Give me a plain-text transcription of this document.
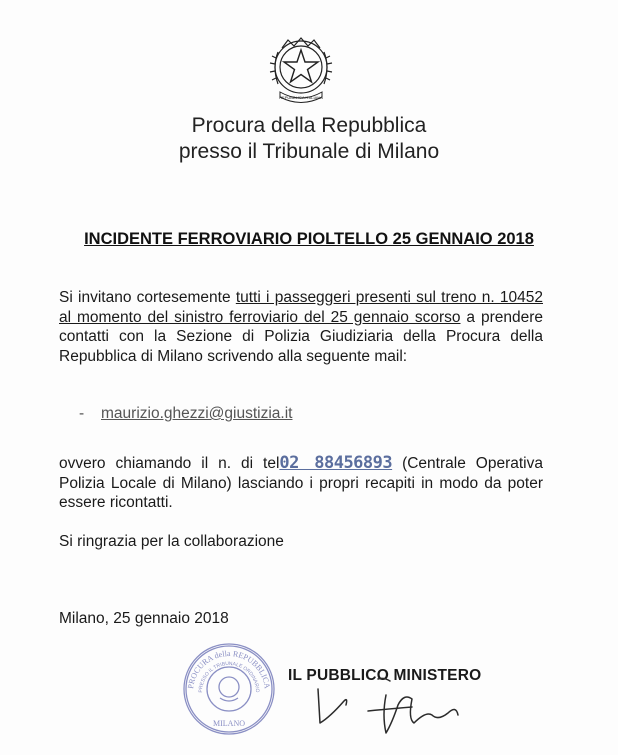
REPUBBLICA ITALIANA
Procura della Repubblica
presso il Tribunale di Milano
INCIDENTE FERROVIARIO PIOLTELLO 25 GENNAIO 2018
Si invitano cortesemente tutti i passeggeri presenti sul treno n. 10452 al momento del sinistro ferroviario del 25 gennaio scorso a prendere contatti con la Sezione di Polizia Giudiziaria della Procura della Repubblica di Milano scrivendo alla seguente mail:
- maurizio.ghezzi@giustizia.it
ovvero chiamando il n. di tel02 88456893 (Centrale Operativa Polizia Locale di Milano) lasciando i propri recapiti in modo da poter essere ricontatti.
Si ringrazia per la collaborazione
Milano, 25 gennaio 2018
PROCURA della REPUBBLICA
PRESSO IL TRIBUNALE ORDINARIO
MILANO
IL PUBBLICO MINISTERO
